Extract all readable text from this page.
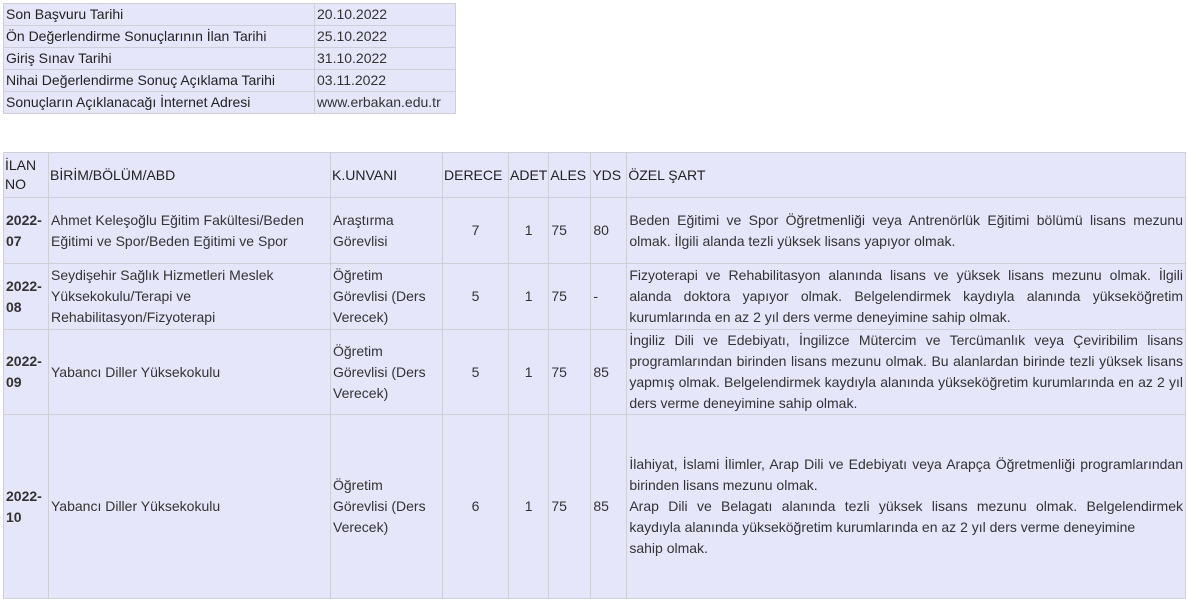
Son Başvuru Tarihi	20.10.2022
Ön Değerlendirme Sonuçlarının İlan Tarihi	25.10.2022
Giriş Sınav Tarihi	31.10.2022
Nihai Değerlendirme Sonuç Açıklama Tarihi	03.11.2022
Sonuçların Açıklanacağı İnternet Adresi	www.erbakan.edu.tr
İLAN NO	BİRİM/BÖLÜM/ABD	K.UNVANI	DERECE	ADET	ALES	YDS	ÖZEL ŞART
2022-07	Ahmet Keleşoğlu Eğitim Fakültesi/Beden Eğitimi ve Spor/Beden Eğitimi ve Spor	Araştırma Görevlisi	7	1	75	80	Beden Eğitimi ve Spor Öğretmenliği veya Antrenörlük Eğitimi bölümü lisans mezunu olmak. İlgili alanda tezli yüksek lisans yapıyor olmak.
2022-08	Seydişehir Sağlık Hizmetleri Meslek Yüksekokulu/Terapi ve Rehabilitasyon/Fizyoterapi	Öğretim Görevlisi (Ders Verecek)	5	1	75	-	Fizyoterapi ve Rehabilitasyon alanında lisans ve yüksek lisans mezunu olmak. İlgili alanda doktora yapıyor olmak. Belgelendirmek kaydıyla alanında yükseköğretim kurumlarında en az 2 yıl ders verme deneyimine sahip olmak.
2022-09	Yabancı Diller Yüksekokulu	Öğretim Görevlisi (Ders Verecek)	5	1	75	85	İngiliz Dili ve Edebiyatı, İngilizce Mütercim ve Tercümanlık veya Çeviribilim lisans programlarından birinden lisans mezunu olmak. Bu alanlardan birinde tezli yüksek lisans yapmış olmak. Belgelendirmek kaydıyla alanında yükseköğretim kurumlarında en az 2 yıl ders verme deneyimine sahip olmak.
2022-10	Yabancı Diller Yüksekokulu	Öğretim Görevlisi (Ders Verecek)	6	1	75	85	İlahiyat, İslami İlimler, Arap Dili ve Edebiyatı veya Arapça Öğretmenliği programlarından birinden lisans mezunu olmak.
Arap Dili ve Belagatı alanında tezli yüksek lisans mezunu olmak. Belgelendirmek kaydıyla alanında yükseköğretim kurumlarında en az 2 yıl ders verme deneyimine
sahip olmak.
